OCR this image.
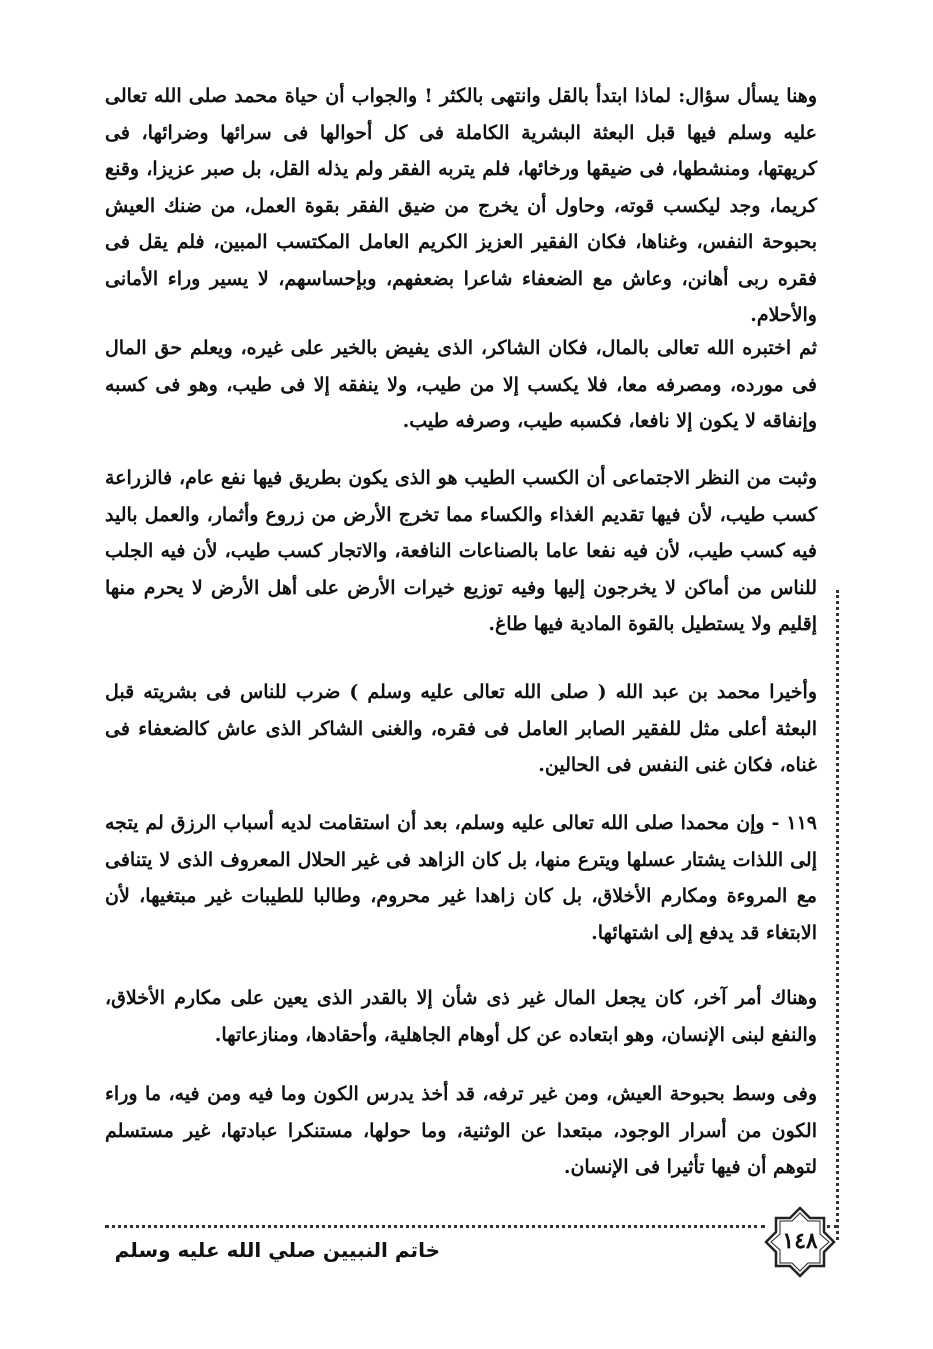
وهنا يسأل سؤال: لماذا ابتدأ بالقل وانتهى بالكثر ! والجواب أن حياة محمد صلى الله تعالى عليه وسلم فيها قبل البعثة البشرية الكاملة فى كل أحوالها فى سرائها وضرائها، فى كريهتها، ومنشطها، فى ضيقها ورخائها، فلم يتربه الفقر ولم يذله القل، بل صبر عزيزا، وقنع كريما، وجد ليكسب قوته، وحاول أن يخرج من ضيق الفقر بقوة العمل، من ضنك العيش بحبوحة النفس، وغناها، فكان الفقير العزيز الكريم العامل المكتسب المبين، فلم يقل فى فقره ربى أهانن، وعاش مع الضعفاء شاعرا بضعفهم، وبإحساسهم، لا يسير وراء الأمانى والأحلام.

ثم اختبره الله تعالى بالمال، فكان الشاكر، الذى يفيض بالخير على غيره، ويعلم حق المال فى مورده، ومصرفه معا، فلا يكسب إلا من طيب، ولا ينفقه إلا فى طيب، وهو فى كسبه وإنفاقه لا يكون إلا نافعا، فكسبه طيب، وصرفه طيب.

وثبت من النظر الاجتماعى أن الكسب الطيب هو الذى يكون بطريق فيها نفع عام، فالزراعة كسب طيب، لأن فيها تقديم الغذاء والكساء مما تخرج الأرض من زروع وأثمار، والعمل باليد فيه كسب طيب، لأن فيه نفعا عاما بالصناعات النافعة، والاتجار كسب طيب، لأن فيه الجلب للناس من أماكن لا يخرجون إليها وفيه توزيع خيرات الأرض على أهل الأرض لا يحرم منها إقليم ولا يستطيل بالقوة المادية فيها طاغ.

وأخيرا محمد بن عبد الله ( صلى الله تعالى عليه وسلم ) ضرب للناس فى بشريته قبل البعثة أعلى مثل للفقير الصابر العامل فى فقره، والغنى الشاكر الذى عاش كالضعفاء فى غناه، فكان غنى النفس فى الحالين.

١١٩ - وإن محمدا صلى الله تعالى عليه وسلم، بعد أن استقامت لديه أسباب الرزق لم يتجه إلى اللذات يشتار عسلها ويترع منها، بل كان الزاهد فى غير الحلال المعروف الذى لا يتنافى مع المروءة ومكارم الأخلاق، بل كان زاهدا غير محروم، وطالبا للطيبات غير مبتغيها، لأن الابتغاء قد يدفع إلى اشتهائها.

وهناك أمر آخر، كان يجعل المال غير ذى شأن إلا بالقدر الذى يعين على مكارم الأخلاق، والنفع لبنى الإنسان، وهو ابتعاده عن كل أوهام الجاهلية، وأحقادها، ومنازعاتها.

وفى وسط بحبوحة العيش، ومن غير ترفه، قد أخذ يدرس الكون وما فيه ومن فيه، ما وراء الكون من أسرار الوجود، مبتعدا عن الوثنية، وما حولها، مستنكرا عبادتها، غير مستسلم لتوهم أن فيها تأثيرا فى الإنسان.

خاتم النبيين صلي الله عليه وسلم	١٤٨
